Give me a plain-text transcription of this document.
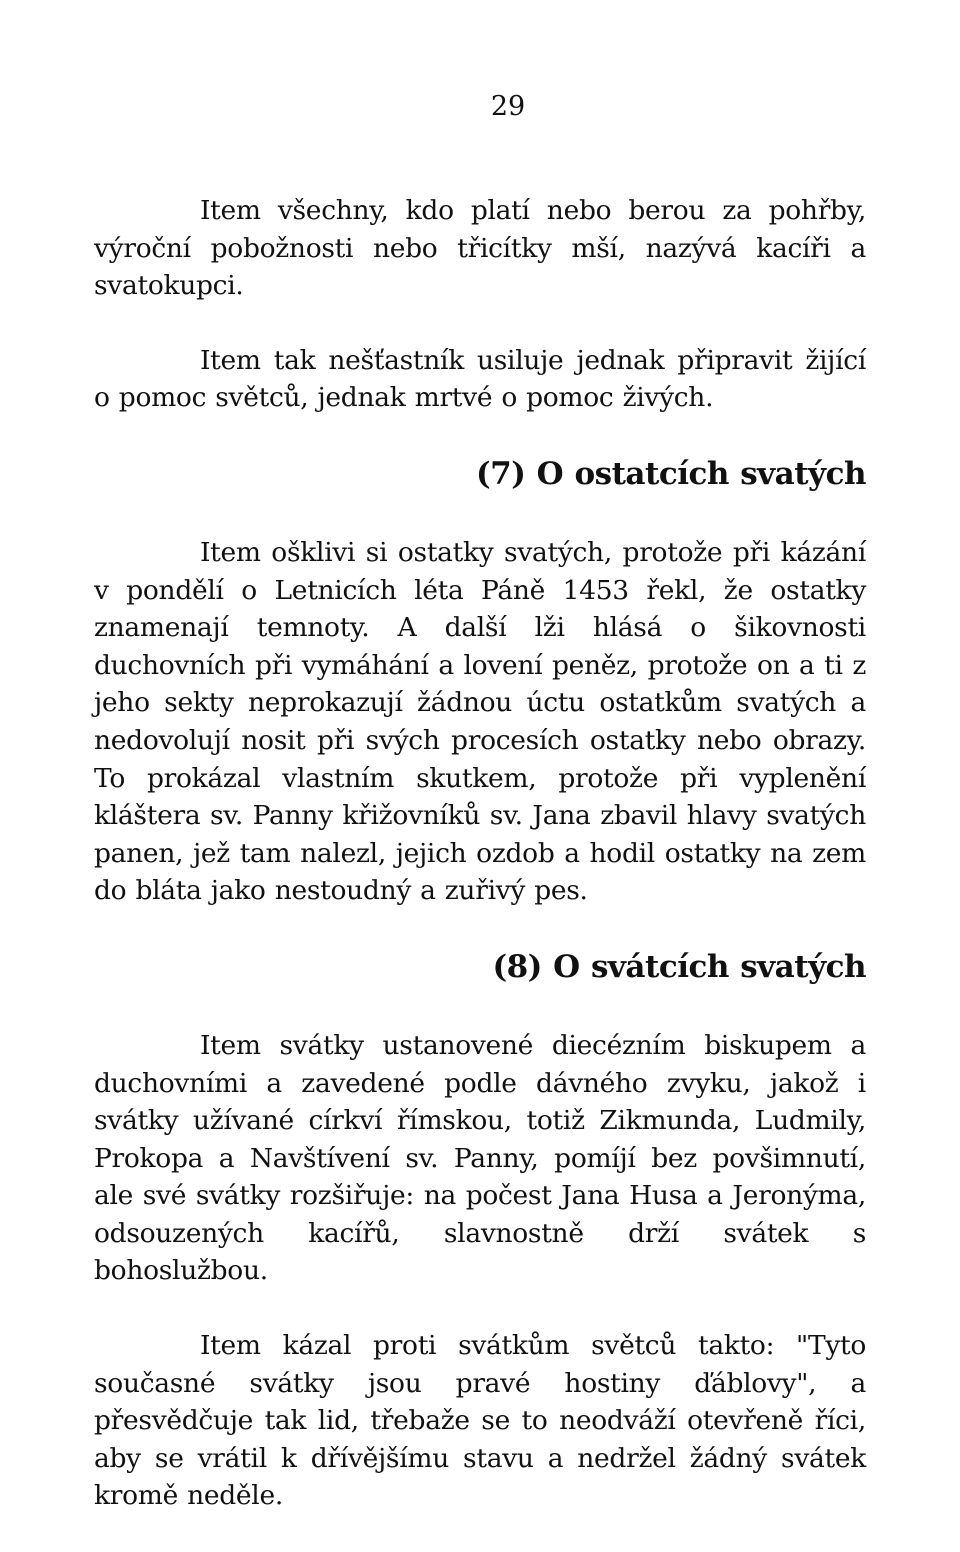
29

Item všechny, kdo platí nebo berou za pohřby, výroční pobožnosti nebo třicítky mší, nazývá kacíři a svatokupci.

Item tak nešťastník usiluje jednak připravit žijící o pomoc světců, jednak mrtvé o pomoc živých.

(7) O ostatcích svatých

Item ošklivi si ostatky svatých, protože při kázání v pondělí o Letnicích léta Páně 1453 řekl, že ostatky znamenají temnoty. A další lži hlásá o šikovnosti duchovních při vymáhání a lovení peněz, protože on a ti z jeho sekty neprokazují žádnou úctu ostatkům svatých a nedovolují nosit při svých procesích ostatky nebo obrazy. To prokázal vlastním skutkem, protože při vyplenění kláštera sv. Panny křižovníků sv. Jana zbavil hlavy svatých panen, jež tam nalezl, jejich ozdob a hodil ostatky na zem do bláta jako nestoudný a zuřivý pes.

(8) O svátcích svatých

Item svátky ustanovené diecézním biskupem a duchovními a zavedené podle dávného zvyku, jakož i svátky užívané církví římskou, totiž Zikmunda, Ludmily, Prokopa a Navštívení sv. Panny, pomíjí bez povšimnutí, ale své svátky rozšiřuje: na počest Jana Husa a Jeronýma, odsouzených kacířů, slavnostně drží svátek s bohoslužbou.

Item kázal proti svátkům světců takto: "Tyto současné svátky jsou pravé hostiny ďáblovy", a přesvědčuje tak lid, třebaže se to neodváží otevřeně říci, aby se vrátil k dřívějšímu stavu a nedržel žádný svátek kromě neděle.
